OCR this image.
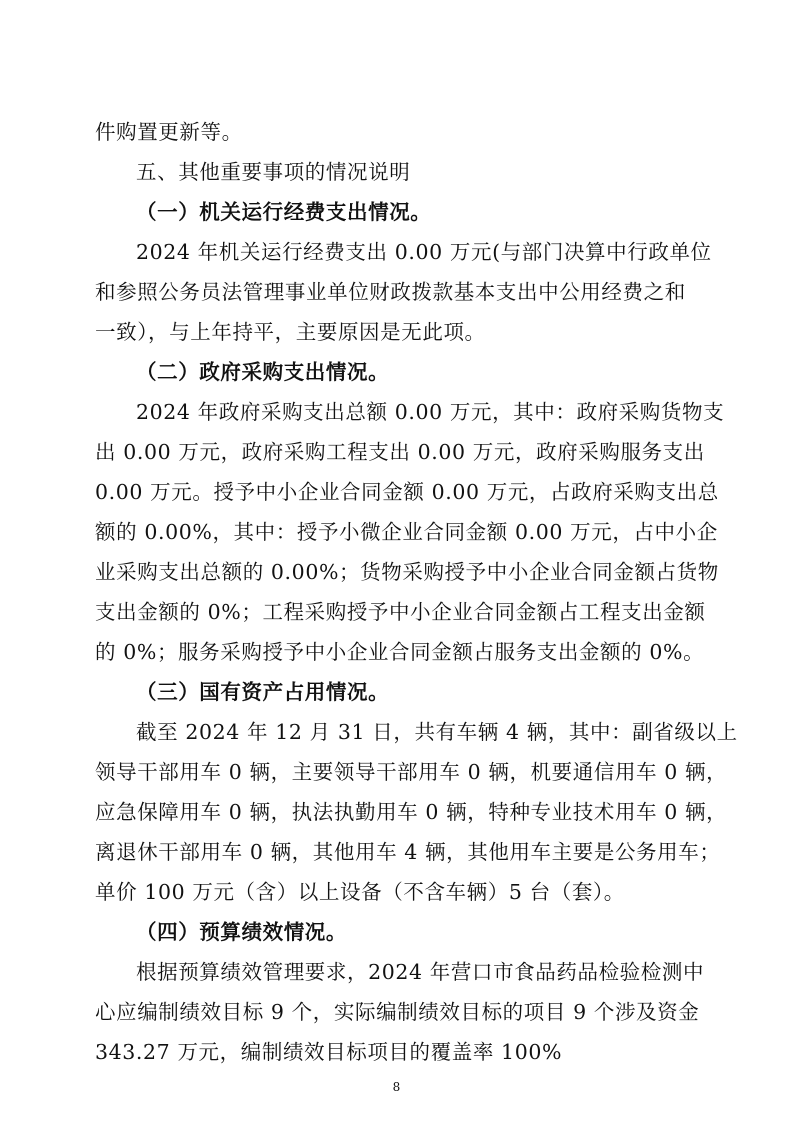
件购置更新等。
五、其他重要事项的情况说明
（一）机关运行经费支出情况。
2024 年机关运行经费支出 0.00 万元(与部门决算中行政单位
和参照公务员法管理事业单位财政拨款基本支出中公用经费之和
一致），与上年持平，主要原因是无此项。
（二）政府采购支出情况。
2024 年政府采购支出总额 0.00 万元，其中：政府采购货物支
出 0.00 万元，政府采购工程支出 0.00 万元，政府采购服务支出
0.00 万元。授予中小企业合同金额 0.00 万元，占政府采购支出总
额的 0.00%，其中：授予小微企业合同金额 0.00 万元，占中小企
业采购支出总额的 0.00%；货物采购授予中小企业合同金额占货物
支出金额的 0%；工程采购授予中小企业合同金额占工程支出金额
的 0%；服务采购授予中小企业合同金额占服务支出金额的 0%。
（三）国有资产占用情况。
截至 2024 年 12 月 31 日，共有车辆 4 辆，其中：副省级以上
领导干部用车 0 辆，主要领导干部用车 0 辆，机要通信用车 0 辆，
应急保障用车 0 辆，执法执勤用车 0 辆，特种专业技术用车 0 辆，
离退休干部用车 0 辆，其他用车 4 辆，其他用车主要是公务用车；
单价 100 万元（含）以上设备（不含车辆）5 台（套）。
（四）预算绩效情况。
根据预算绩效管理要求，2024 年营口市食品药品检验检测中
心应编制绩效目标 9 个，实际编制绩效目标的项目 9 个涉及资金
343.27 万元，编制绩效目标项目的覆盖率 100%
8
